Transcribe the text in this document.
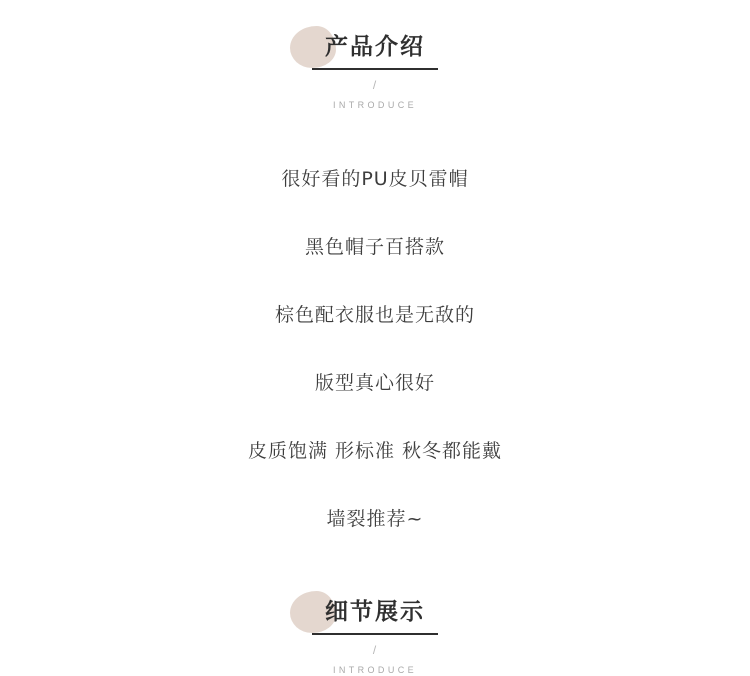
产品介绍
/
INTRODUCE
很好看的PU皮贝雷帽
黑色帽子百搭款
棕色配衣服也是无敌的
版型真心很好
皮质饱满 形标准 秋冬都能戴
墙裂推荐~
细节展示
/
INTRODUCE
